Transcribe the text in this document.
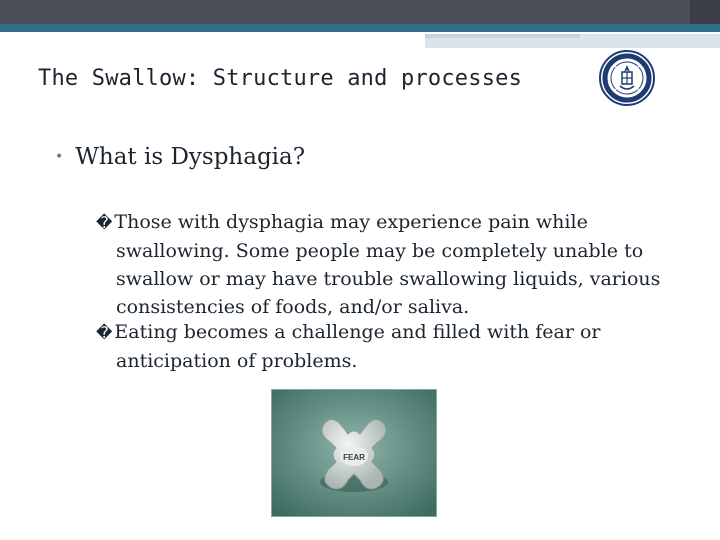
The Swallow: Structure and processes
• What is Dysphagia?
� Those with dysphagia may experience pain while
swallowing. Some people may be completely unable to
swallow or may have trouble swallowing liquids, various
consistencies of foods, and/or saliva.
� Eating becomes a challenge and filled with fear or
anticipation of problems.
FEAR
